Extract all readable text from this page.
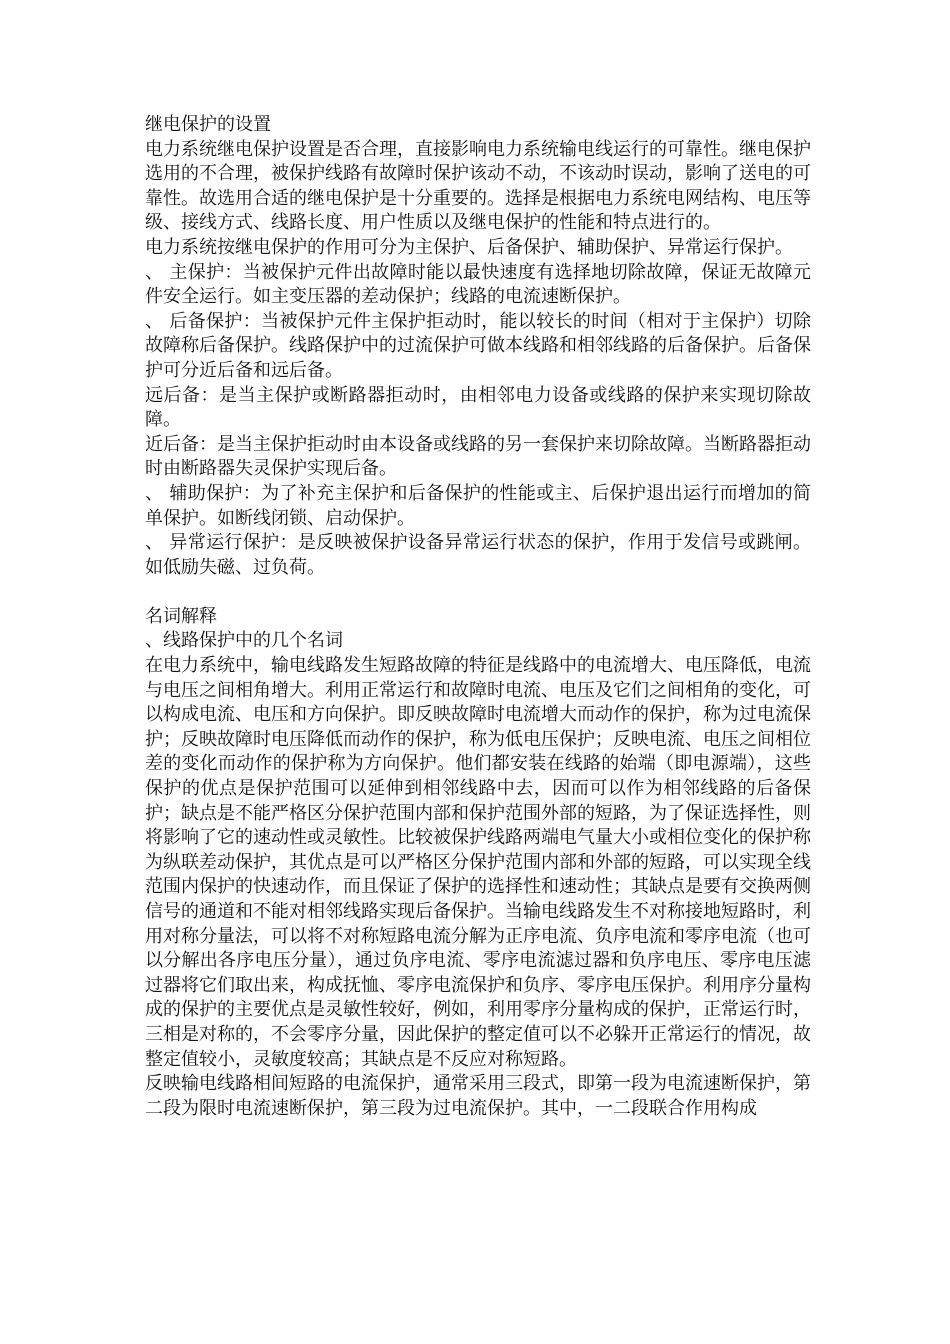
继电保护的设置

电力系统继电保护设置是否合理，直接影响电力系统输电线运行的可靠性。继电保护选用的不合理，被保护线路有故障时保护该动不动，不该动时误动，影响了送电的可靠性。故选用合适的继电保护是十分重要的。选择是根据电力系统电网结构、电压等级、接线方式、线路长度、用户性质以及继电保护的性能和特点进行的。

电力系统按继电保护的作用可分为主保护、后备保护、辅助保护、异常运行保护。

、 主保护：当被保护元件出故障时能以最快速度有选择地切除故障，保证无故障元件安全运行。如主变压器的差动保护；线路的电流速断保护。

、 后备保护：当被保护元件主保护拒动时，能以较长的时间（相对于主保护）切除故障称后备保护。线路保护中的过流保护可做本线路和相邻线路的后备保护。后备保护可分近后备和远后备。

远后备：是当主保护或断路器拒动时，由相邻电力设备或线路的保护来实现切除故障。

近后备：是当主保护拒动时由本设备或线路的另一套保护来切除故障。当断路器拒动时由断路器失灵保护实现后备。

、 辅助保护：为了补充主保护和后备保护的性能或主、后保护退出运行而增加的简单保护。如断线闭锁、启动保护。

、 异常运行保护：是反映被保护设备异常运行状态的保护，作用于发信号或跳闸。如低励失磁、过负荷。

名词解释

、线路保护中的几个名词

在电力系统中，输电线路发生短路故障的特征是线路中的电流增大、电压降低，电流与电压之间相角增大。利用正常运行和故障时电流、电压及它们之间相角的变化，可以构成电流、电压和方向保护。即反映故障时电流增大而动作的保护，称为过电流保护；反映故障时电压降低而动作的保护，称为低电压保护；反映电流、电压之间相位差的变化而动作的保护称为方向保护。他们都安装在线路的始端（即电源端），这些保护的优点是保护范围可以延伸到相邻线路中去，因而可以作为相邻线路的后备保护；缺点是不能严格区分保护范围内部和保护范围外部的短路，为了保证选择性，则将影响了它的速动性或灵敏性。比较被保护线路两端电气量大小或相位变化的保护称为纵联差动保护，其优点是可以严格区分保护范围内部和外部的短路，可以实现全线范围内保护的快速动作，而且保证了保护的选择性和速动性；其缺点是要有交换两侧信号的通道和不能对相邻线路实现后备保护。当输电线路发生不对称接地短路时，利用对称分量法，可以将不对称短路电流分解为正序电流、负序电流和零序电流（也可以分解出各序电压分量），通过负序电流、零序电流滤过器和负序电压、零序电压滤过器将它们取出来，构成抚恤、零序电流保护和负序、零序电压保护。利用序分量构成的保护的主要优点是灵敏性较好，例如，利用零序分量构成的保护，正常运行时，三相是对称的，不会零序分量，因此保护的整定值可以不必躲开正常运行的情况，故整定值较小，灵敏度较高；其缺点是不反应对称短路。

反映输电线路相间短路的电流保护，通常采用三段式，即第一段为电流速断保护，第二段为限时电流速断保护，第三段为过电流保护。其中，一二段联合作用构成
